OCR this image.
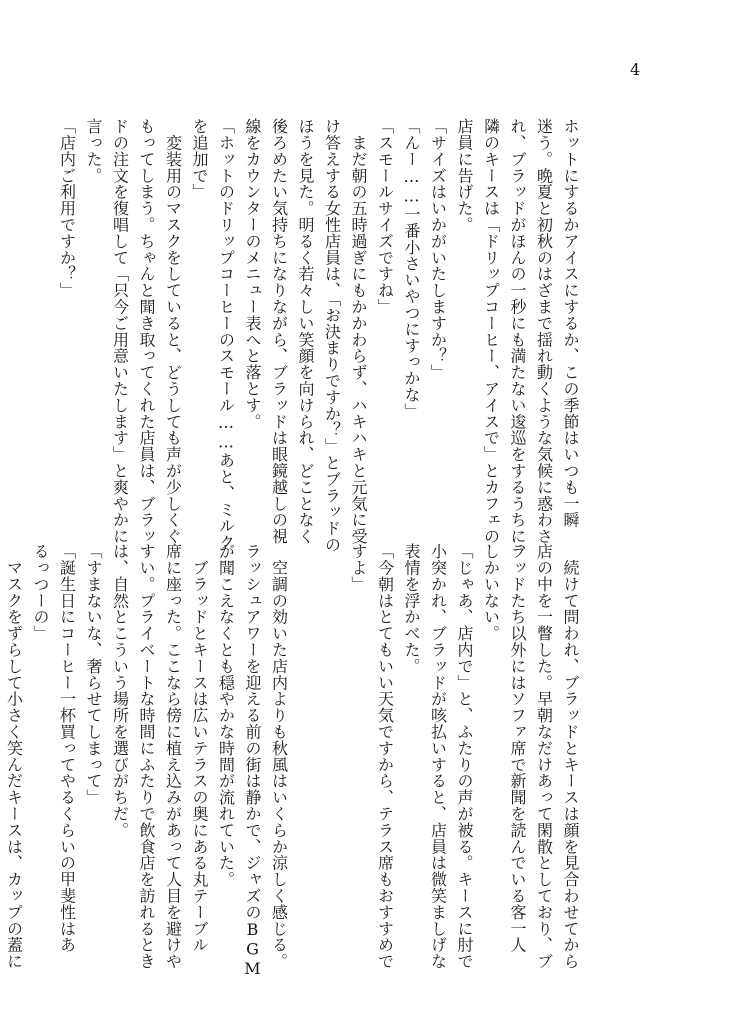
4
ホットにするかアイスにするか、この季節はいつも一瞬
迷う。晩夏と初秋のはざまで揺れ動くような気候に惑わさ
れ、ブラッドがほんの一秒にも満たない逡巡をするうちに、
隣のキースは「ドリップコーヒー、アイスで」とカフェの
店員に告げた。
「サイズはいかがいたしますか？」
「んー……一番小さいやつにすっかな」
「スモールサイズですね」
　まだ朝の五時過ぎにもかかわらず、ハキハキと元気に受
け答えする女性店員は、「お決まりですか？」とブラッドの
ほうを見た。明るく若々しい笑顔を向けられ、どことなく
後ろめたい気持ちになりながら、ブラッドは眼鏡越しの視
線をカウンターのメニュー表へと落とす。
「ホットのドリップコーヒーのスモール……あと、ミルク
を追加で」
　変装用のマスクをしていると、どうしても声が少しくぐ
もってしまう。ちゃんと聞き取ってくれた店員は、ブラッ
ドの注文を復唱して「只今ご用意いたします」と爽やかに
言った。
「店内ご利用ですか？」
　続けて問われ、ブラッドとキースは顔を見合わせてから
店の中を一瞥した。早朝なだけあって閑散としており、ブ
ラッドたち以外にはソファ席で新聞を読んでいる客一人
しかいない。
「じゃあ、店内で」と、ふたりの声が被る。キースに肘で
小突かれ、ブラッドが咳払いすると、店員は微笑ましげな
表情を浮かべた。
「今朝はとてもいい天気ですから、テラス席もおすすめで
すよ」

　空調の効いた店内よりも秋風はいくらか涼しく感じる。
ラッシュアワーを迎える前の街は静かで、ジャズのBGM
が聞こえなくとも穏やかな時間が流れていた。
　ブラッドとキースは広いテラスの奥にある丸テーブル
席に座った。ここなら傍に植え込みがあって人目を避けや
すい。プライベートな時間にふたりで飲食店を訪れるとき
は、自然とこういう場所を選びがちだ。
「すまないな、奢らせてしまって」
「誕生日にコーヒー一杯買ってやるくらいの甲斐性はあ
るっつーの」
　マスクをずらして小さく笑んだキースは、カップの蓋に
